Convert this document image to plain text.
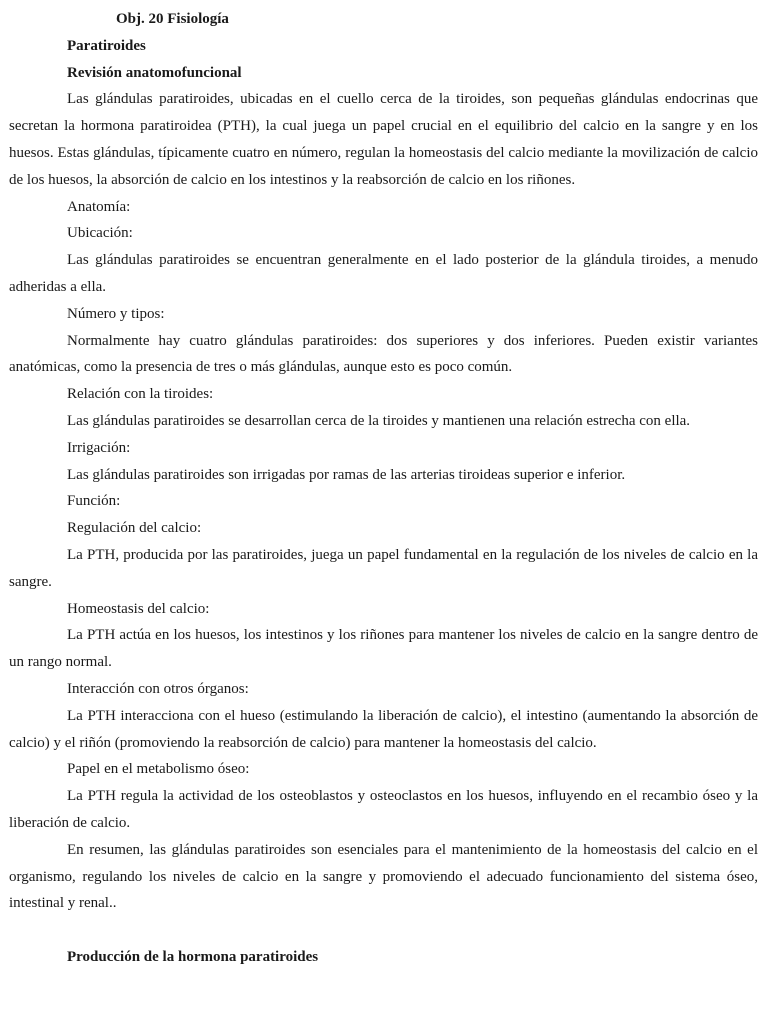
Obj. 20 Fisiología

Paratiroides

Revisión anatomofuncional

Las glándulas paratiroides, ubicadas en el cuello cerca de la tiroides, son pequeñas glándulas endocrinas que secretan la hormona paratiroidea (PTH), la cual juega un papel crucial en el equilibrio del calcio en la sangre y en los huesos. Estas glándulas, típicamente cuatro en número, regulan la homeostasis del calcio mediante la movilización de calcio de los huesos, la absorción de calcio en los intestinos y la reabsorción de calcio en los riñones.

Anatomía:

Ubicación:

Las glándulas paratiroides se encuentran generalmente en el lado posterior de la glándula tiroides, a menudo adheridas a ella.

Número y tipos:

Normalmente hay cuatro glándulas paratiroides: dos superiores y dos inferiores. Pueden existir variantes anatómicas, como la presencia de tres o más glándulas, aunque esto es poco común.

Relación con la tiroides:

Las glándulas paratiroides se desarrollan cerca de la tiroides y mantienen una relación estrecha con ella.

Irrigación:

Las glándulas paratiroides son irrigadas por ramas de las arterias tiroideas superior e inferior.

Función:

Regulación del calcio:

La PTH, producida por las paratiroides, juega un papel fundamental en la regulación de los niveles de calcio en la sangre.

Homeostasis del calcio:

La PTH actúa en los huesos, los intestinos y los riñones para mantener los niveles de calcio en la sangre dentro de un rango normal.

Interacción con otros órganos:

La PTH interacciona con el hueso (estimulando la liberación de calcio), el intestino (aumentando la absorción de calcio) y el riñón (promoviendo la reabsorción de calcio) para mantener la homeostasis del calcio.

Papel en el metabolismo óseo:

La PTH regula la actividad de los osteoblastos y osteoclastos en los huesos, influyendo en el recambio óseo y la liberación de calcio.

En resumen, las glándulas paratiroides son esenciales para el mantenimiento de la homeostasis del calcio en el organismo, regulando los niveles de calcio en la sangre y promoviendo el adecuado funcionamiento del sistema óseo, intestinal y renal..

Producción de la hormona paratiroides
